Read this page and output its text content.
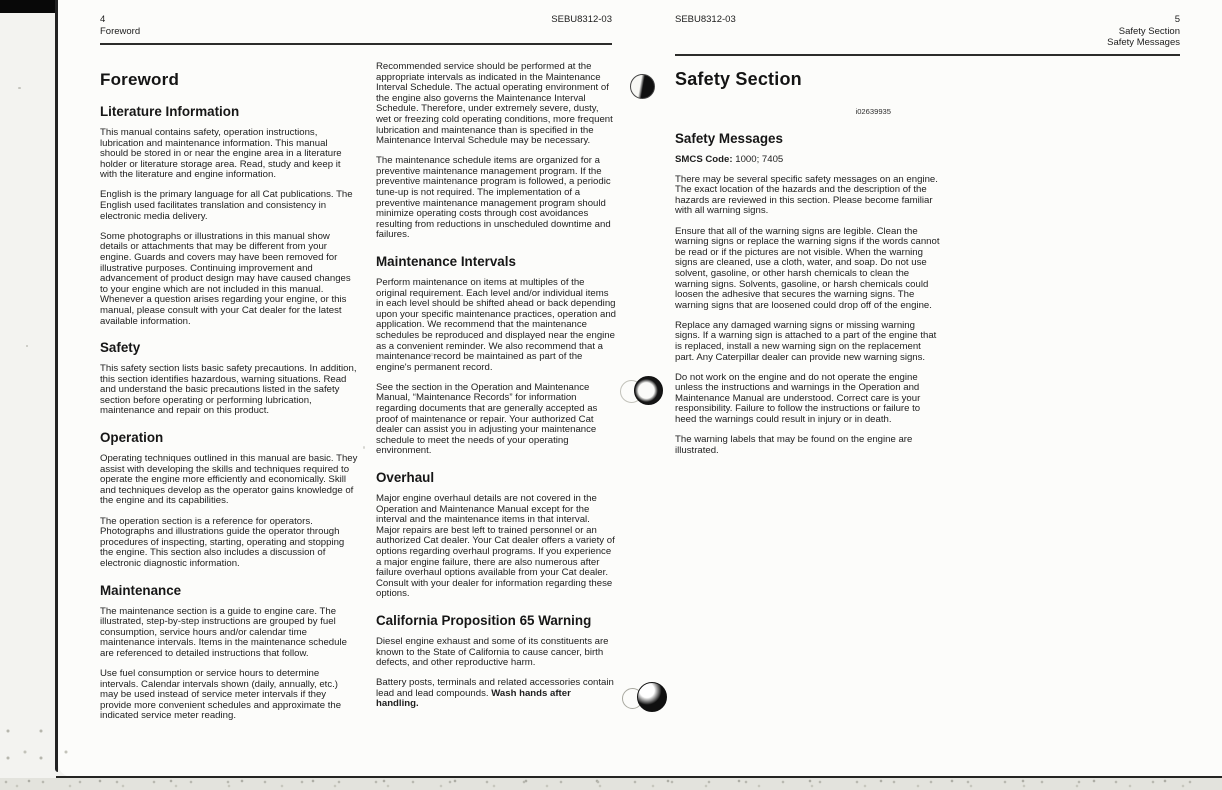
4	SEBU8312-03
Foreword
SEBU8312-03	5
Safety Section
Safety Messages
Foreword
Literature Information

This manual contains safety, operation instructions, lubrication and maintenance information. This manual should be stored in or near the engine area in a literature holder or literature storage area. Read, study and keep it with the literature and engine information.

English is the primary language for all Cat publications. The English used facilitates translation and consistency in electronic media delivery.

Some photographs or illustrations in this manual show details or attachments that may be different from your engine. Guards and covers may have been removed for illustrative purposes. Continuing improvement and advancement of product design may have caused changes to your engine which are not included in this manual. Whenever a question arises regarding your engine, or this manual, please consult with your Cat dealer for the latest available information.

Safety

This safety section lists basic safety precautions. In addition, this section identifies hazardous, warning situations. Read and understand the basic precautions listed in the safety section before operating or performing lubrication, maintenance and repair on this product.

Operation

Operating techniques outlined in this manual are basic. They assist with developing the skills and techniques required to operate the engine more efficiently and economically. Skill and techniques develop as the operator gains knowledge of the engine and its capabilities.

The operation section is a reference for operators. Photographs and illustrations guide the operator through procedures of inspecting, starting, operating and stopping the engine. This section also includes a discussion of electronic diagnostic information.

Maintenance

The maintenance section is a guide to engine care. The illustrated, step-by-step instructions are grouped by fuel consumption, service hours and/or calendar time maintenance intervals. Items in the maintenance schedule are referenced to detailed instructions that follow.

Use fuel consumption or service hours to determine intervals. Calendar intervals shown (daily, annually, etc.) may be used instead of service meter intervals if they provide more convenient schedules and approximate the indicated service meter reading.

Recommended service should be performed at the appropriate intervals as indicated in the Maintenance Interval Schedule. The actual operating environment of the engine also governs the Maintenance Interval Schedule. Therefore, under extremely severe, dusty, wet or freezing cold operating conditions, more frequent lubrication and maintenance than is specified in the Maintenance Interval Schedule may be necessary.

The maintenance schedule items are organized for a preventive maintenance management program. If the preventive maintenance program is followed, a periodic tune-up is not required. The implementation of a preventive maintenance management program should minimize operating costs through cost avoidances resulting from reductions in unscheduled downtime and failures.

Maintenance Intervals

Perform maintenance on items at multiples of the original requirement. Each level and/or individual items in each level should be shifted ahead or back depending upon your specific maintenance practices, operation and application. We recommend that the maintenance schedules be reproduced and displayed near the engine as a convenient reminder. We also recommend that a maintenance record be maintained as part of the engine's permanent record.

See the section in the Operation and Maintenance Manual, “Maintenance Records” for information regarding documents that are generally accepted as proof of maintenance or repair. Your authorized Cat dealer can assist you in adjusting your maintenance schedule to meet the needs of your operating environment.

Overhaul

Major engine overhaul details are not covered in the Operation and Maintenance Manual except for the interval and the maintenance items in that interval. Major repairs are best left to trained personnel or an authorized Cat dealer. Your Cat dealer offers a variety of options regarding overhaul programs. If you experience a major engine failure, there are also numerous after failure overhaul options available from your Cat dealer. Consult with your dealer for information regarding these options.

California Proposition 65 Warning

Diesel engine exhaust and some of its constituents are known to the State of California to cause cancer, birth defects, and other reproductive harm.

Battery posts, terminals and related accessories contain lead and lead compounds. Wash hands after handling.

Safety Section
i02639935
Safety Messages

SMCS Code: 1000; 7405

There may be several specific safety messages on an engine. The exact location of the hazards and the description of the hazards are reviewed in this section. Please become familiar with all warning signs.

Ensure that all of the warning signs are legible. Clean the warning signs or replace the warning signs if the words cannot be read or if the pictures are not visible. When the warning signs are cleaned, use a cloth, water, and soap. Do not use solvent, gasoline, or other harsh chemicals to clean the warning signs. Solvents, gasoline, or harsh chemicals could loosen the adhesive that secures the warning signs. The warning signs that are loosened could drop off of the engine.

Replace any damaged warning signs or missing warning signs. If a warning sign is attached to a part of the engine that is replaced, install a new warning sign on the replacement part. Any Caterpillar dealer can provide new warning signs.

Do not work on the engine and do not operate the engine unless the instructions and warnings in the Operation and Maintenance Manual are understood. Correct care is your responsibility. Failure to follow the instructions or failure to heed the warnings could result in injury or in death.

The warning labels that may be found on the engine are illustrated.
